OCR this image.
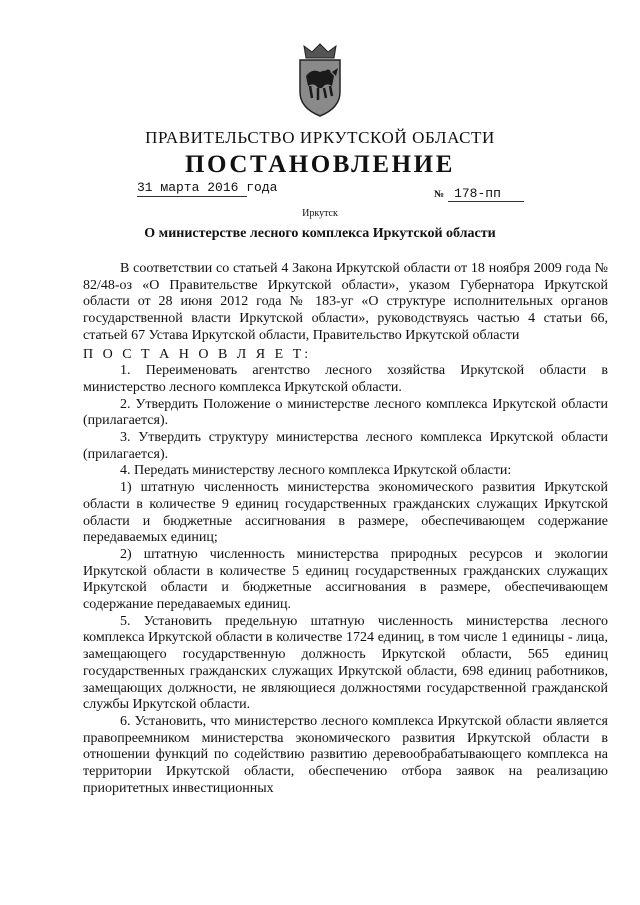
ПРАВИТЕЛЬСТВО ИРКУТСКОЙ ОБЛАСТИ
ПОСТАНОВЛЕНИЕ
31 марта 2016 года	№ 178-пп
Иркутск
О министерстве лесного комплекса Иркутской области

В соответствии со статьей 4 Закона Иркутской области от 18 ноября 2009 года № 82/48-оз «О Правительстве Иркутской области», указом Губернатора Иркутской области от 28 июня 2012 года № 183-уг «О структуре исполнительных органов государственной власти Иркутской области», руководствуясь частью 4 статьи 66, статьей 67 Устава Иркутской области, Правительство Иркутской области

П О С Т А Н О В Л Я Е Т:

1. Переименовать агентство лесного хозяйства Иркутской области в министерство лесного комплекса Иркутской области.

2. Утвердить Положение о министерстве лесного комплекса Иркутской области (прилагается).

3. Утвердить структуру министерства лесного комплекса Иркутской области (прилагается).

4. Передать министерству лесного комплекса Иркутской области:

1) штатную численность министерства экономического развития Иркутской области в количестве 9 единиц государственных гражданских служащих Иркутской области и бюджетные ассигнования в размере, обеспечивающем содержание передаваемых единиц;

2) штатную численность министерства природных ресурсов и экологии Иркутской области в количестве 5 единиц государственных гражданских служащих Иркутской области и бюджетные ассигнования в размере, обеспечивающем содержание передаваемых единиц.

5. Установить предельную штатную численность министерства лесного комплекса Иркутской области в количестве 1724 единиц, в том числе 1 единицы - лица, замещающего государственную должность Иркутской области, 565 единиц государственных гражданских служащих Иркутской области, 698 единиц работников, замещающих должности, не являющиеся должностями государственной гражданской службы Иркутской области.

6. Установить, что министерство лесного комплекса Иркутской области является правопреемником министерства экономического развития Иркутской области в отношении функций по содействию развитию деревообрабатывающего комплекса на территории Иркутской области, обеспечению отбора заявок на реализацию приоритетных инвестиционных
